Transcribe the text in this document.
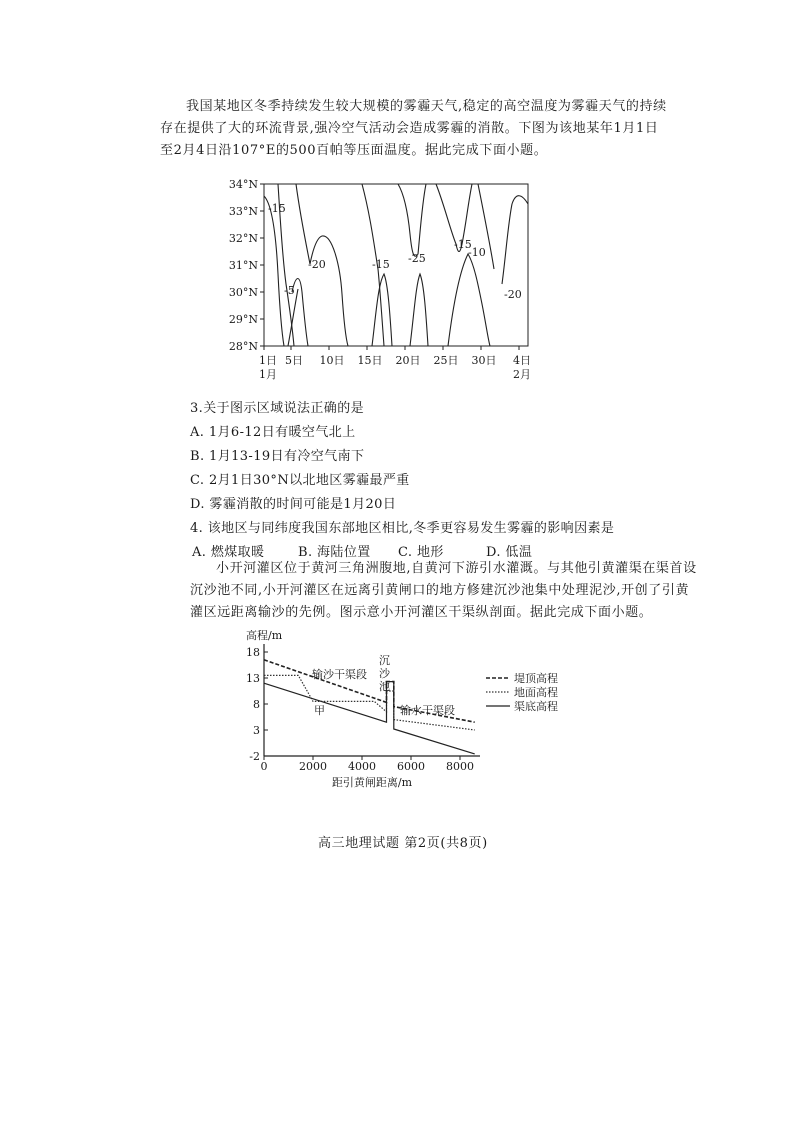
我国某地区冬季持续发生较大规模的雾霾天气,稳定的高空温度为雾霾天气的持续
存在提供了大的环流背景,强冷空气活动会造成雾霾的消散。下图为该地某年1月1日
至2月4日沿107°E的500百帕等压面温度。据此完成下面小题。
34°N
33°N
32°N
31°N
30°N
29°N
28°N
1日 5日 10日 15日 20日 25日 30日 4日
1月	2月
-15
-20
-5
-15 -25
-15
-10
-20
3.关于图示区域说法正确的是
A. 1月6-12日有暖空气北上
B. 1月13-19日有冷空气南下
C. 2月1日30°N以北地区雾霾最严重
D. 雾霾消散的时间可能是1月20日
4. 该地区与同纬度我国东部地区相比,冬季更容易发生雾霾的影响因素是
A. 燃煤取暖	B. 海陆位置 C. 地形	D. 低温
小开河灌区位于黄河三角洲腹地,自黄河下游引水灌溉。与其他引黄灌渠在渠首设
沉沙池不同,小开河灌区在远离引黄闸口的地方修建沉沙池集中处理泥沙,开创了引黄
灌区远距离输沙的先例。图示意小开河灌区干渠纵剖面。据此完成下面小题。
高程/m
18
13
8
3
-2
0	2000 4000 6000 8000
距引黄闸距离/m
输沙干渠段
沉
沙
池
输水干渠段
甲
堤顶高程
地面高程
渠底高程
高三地理试题 第2页(共8页)
